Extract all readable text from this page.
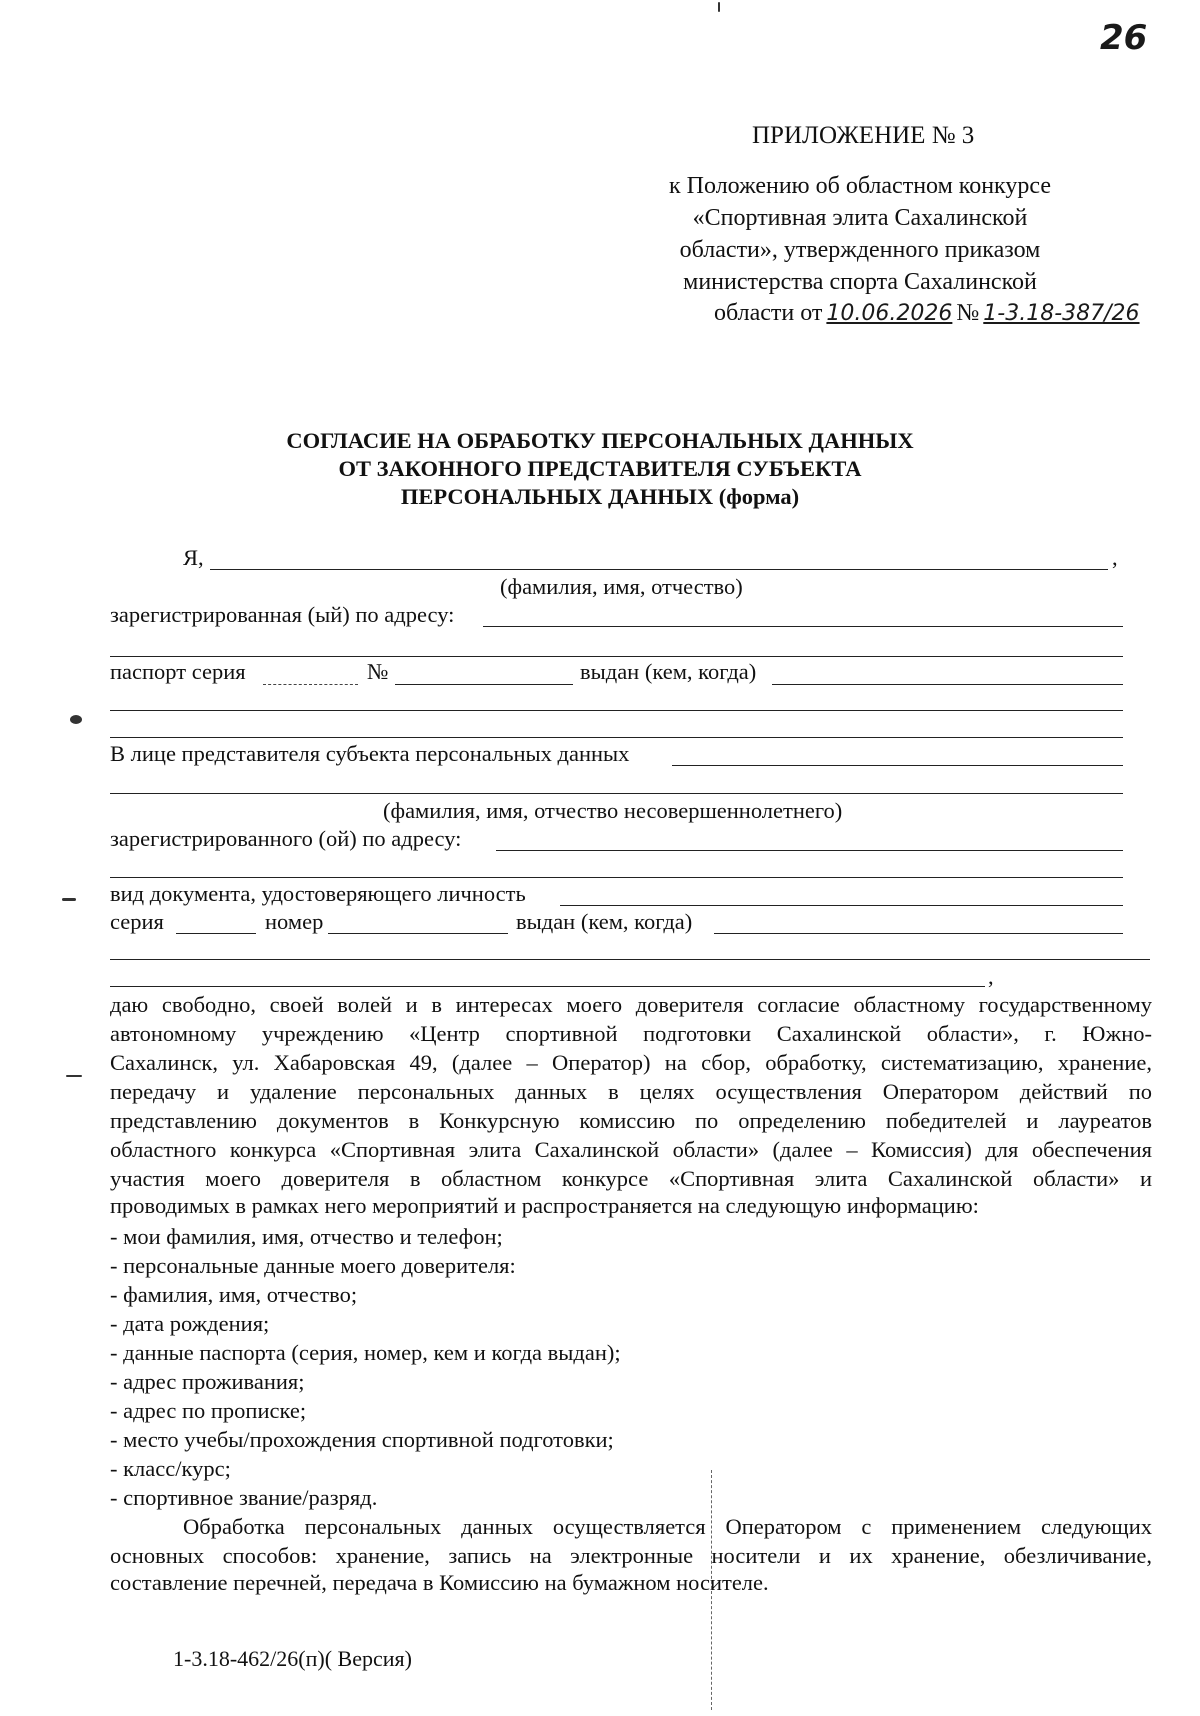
26
ПРИЛОЖЕНИЕ № 3
к Положению об областном конкурсе
«Спортивная элита Сахалинской
области», утвержденного приказом
министерства спорта Сахалинской
области от 10.06.2026 № 1-3.18-387/26
СОГЛАСИЕ НА ОБРАБОТКУ ПЕРСОНАЛЬНЫХ ДАННЫХ
ОТ ЗАКОННОГО ПРЕДСТАВИТЕЛЯ СУБЪЕКТА
ПЕРСОНАЛЬНЫХ ДАННЫХ (форма)
Я,	,
(фамилия, имя, отчество)
зарегистрированная (ый) по адресу:
паспорт серия	№	выдан (кем, когда)
В лице представителя субъекта персональных данных
(фамилия, имя, отчество несовершеннолетнего)
зарегистрированного (ой) по адресу:
вид документа, удостоверяющего личность
серия	номер	выдан (кем, когда)
,
даю свободно, своей волей и в интересах моего доверителя согласие областному государственному
автономному учреждению «Центр спортивной подготовки Сахалинской области», г. Южно-
Сахалинск, ул. Хабаровская 49, (далее – Оператор) на сбор, обработку, систематизацию, хранение,
передачу и удаление персональных данных в целях осуществления Оператором действий по
представлению документов в Конкурсную комиссию по определению победителей и лауреатов
областного конкурса «Спортивная элита Сахалинской области» (далее – Комиссия) для обеспечения
участия моего доверителя в областном конкурсе «Спортивная элита Сахалинской области» и
проводимых в рамках него мероприятий и распространяется на следующую информацию:
- мои фамилия, имя, отчество и телефон;
- персональные данные моего доверителя:
- фамилия, имя, отчество;
- дата рождения;
- данные паспорта (серия, номер, кем и когда выдан);
- адрес проживания;
- адрес по прописке;
- место учебы/прохождения спортивной подготовки;
- класс/курс;
- спортивное звание/разряд.
Обработка персональных данных осуществляется Оператором с применением следующих
основных способов: хранение, запись на электронные носители и их хранение, обезличивание,
составление перечней, передача в Комиссию на бумажном носителе.
1-3.18-462/26(п)( Версия)
